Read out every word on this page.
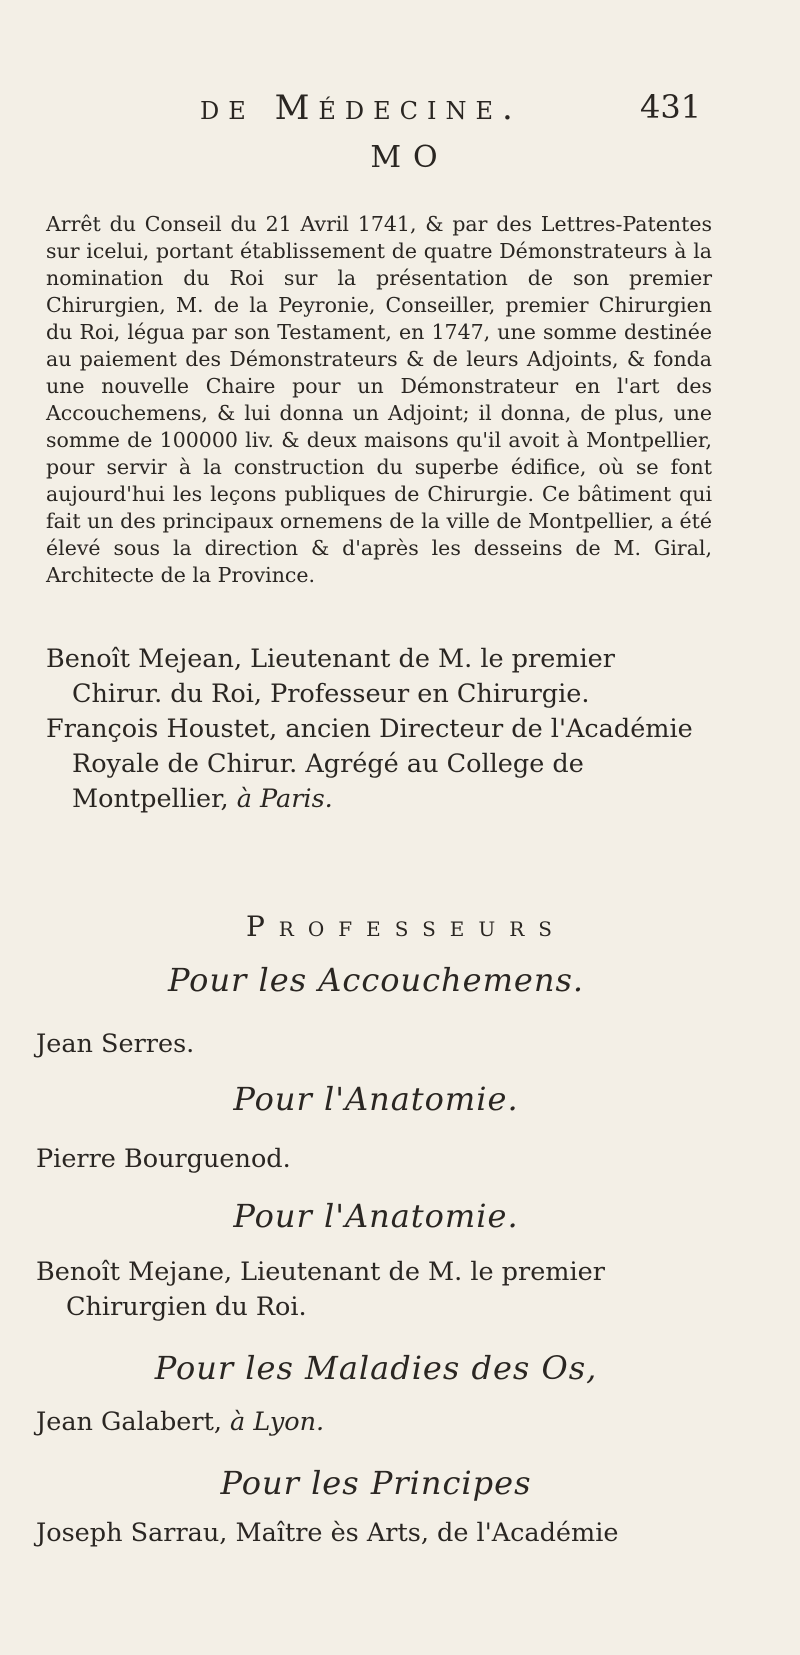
de Médecine.	431
MO

Arrêt du Conseil du 21 Avril 1741, & par des Lettres-Patentes sur icelui, portant établissement de quatre Démonstrateurs à la nomination du Roi sur la présentation de son premier Chirurgien, M. de la Peyronie, Conseiller, premier Chirurgien du Roi, légua par son Testament, en 1747, une somme destinée au paiement des Démonstrateurs & de leurs Adjoints, & fonda une nouvelle Chaire pour un Démonstrateur en l'art des Accouchemens, & lui donna un Adjoint; il donna, de plus, une somme de 100000 liv. & deux maisons qu'il avoit à Montpellier, pour servir à la construction du superbe édifice, où se font aujourd'hui les leçons publiques de Chirurgie. Ce bâtiment qui fait un des principaux ornemens de la ville de Montpellier, a été élevé sous la direction & d'après les desseins de M. Giral, Architecte de la Province.

Benoît Mejean, Lieutenant de M. le premier Chirur. du Roi, Professeur en Chirurgie.

François Houstet, ancien Directeur de l'Académie Royale de Chirur. Agrégé au College de Montpellier, à Paris.

Professeurs

Pour les Accouchemens.

Jean Serres.

Pour l'Anatomie.

Pierre Bourguenod.

Pour l'Anatomie.

Benoît Mejane, Lieutenant de M. le premier Chirurgien du Roi.

Pour les Maladies des Os,

Jean Galabert, à Lyon.

Pour les Principes

Joseph Sarrau, Maître ès Arts, de l'Académie
